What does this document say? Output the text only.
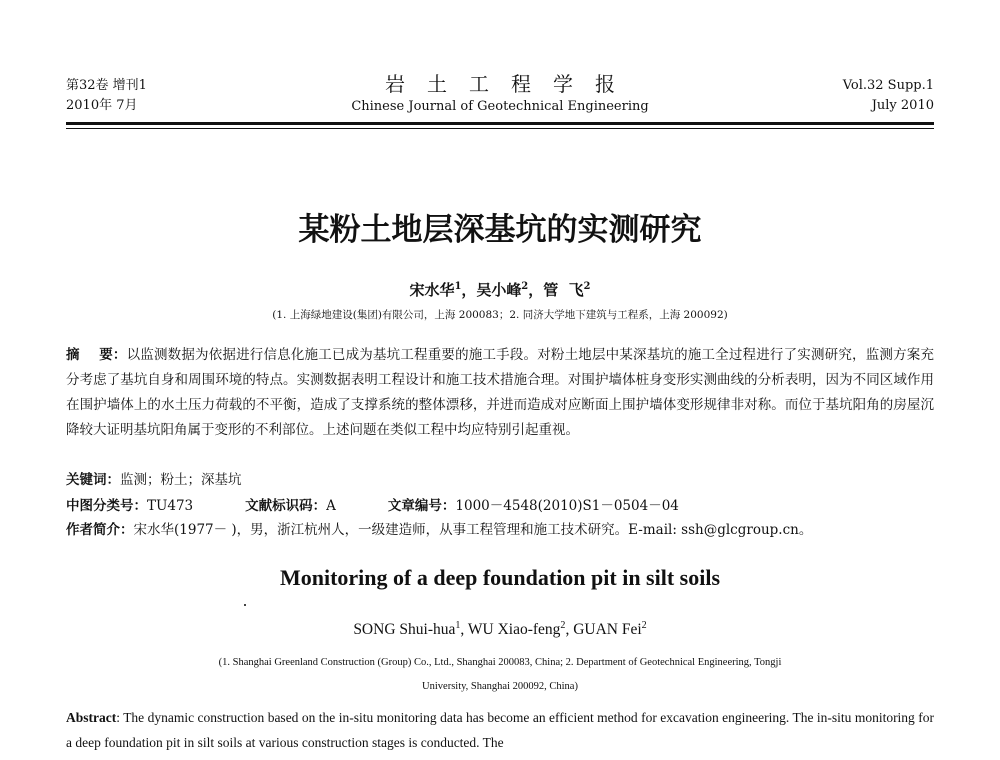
第32卷 增刊1
2010年 7月
岩土工程学报
Chinese Journal of Geotechnical Engineering
Vol.32 Supp.1
July 2010
某粉土地层深基坑的实测研究
宋水华$^1$，吴小峰$^2$，管  飞$^2$
(1. 上海绿地建设(集团)有限公司，上海 200083；2. 同济大学地下建筑与工程系，上海 200092)
摘    要：以监测数据为依据进行信息化施工已成为基坑工程重要的施工手段。对粉土地层中某深基坑的施工全过程进行了实测研究，监测方案充分考虑了基坑自身和周围环境的特点。实测数据表明工程设计和施工技术措施合理。对围护墙体桩身变形实测曲线的分析表明，因为不同区域作用在围护墙体上的水土压力荷载的不平衡，造成了支撑系统的整体漂移，并进而造成对应断面上围护墙体变形规律非对称。而位于基坑阳角的房屋沉降较大证明基坑阳角属于变形的不利部位。上述问题在类似工程中均应特别引起重视。
关键词：监测；粉土；深基坑
中图分类号：TU473	文献标识码：A	文章编号：1000－4548(2010)S1－0504－04
作者简介：宋水华(1977－ )，男，浙江杭州人，一级建造师，从事工程管理和施工技术研究。E-mail: ssh@glcgroup.cn。
Monitoring of a deep foundation pit in silt soils
SONG Shui-hua$^1$, WU Xiao-feng$^2$, GUAN Fei$^2$
(1. Shanghai Greenland Construction (Group) Co., Ltd., Shanghai 200083, China; 2. Department of Geotechnical Engineering, Tongji
University, Shanghai 200092, China)
Abstract: The dynamic construction based on the in-situ monitoring data has become an efficient method for excavation engineering. The in-situ monitoring for a deep foundation pit in silt soils at various construction stages is conducted. The
